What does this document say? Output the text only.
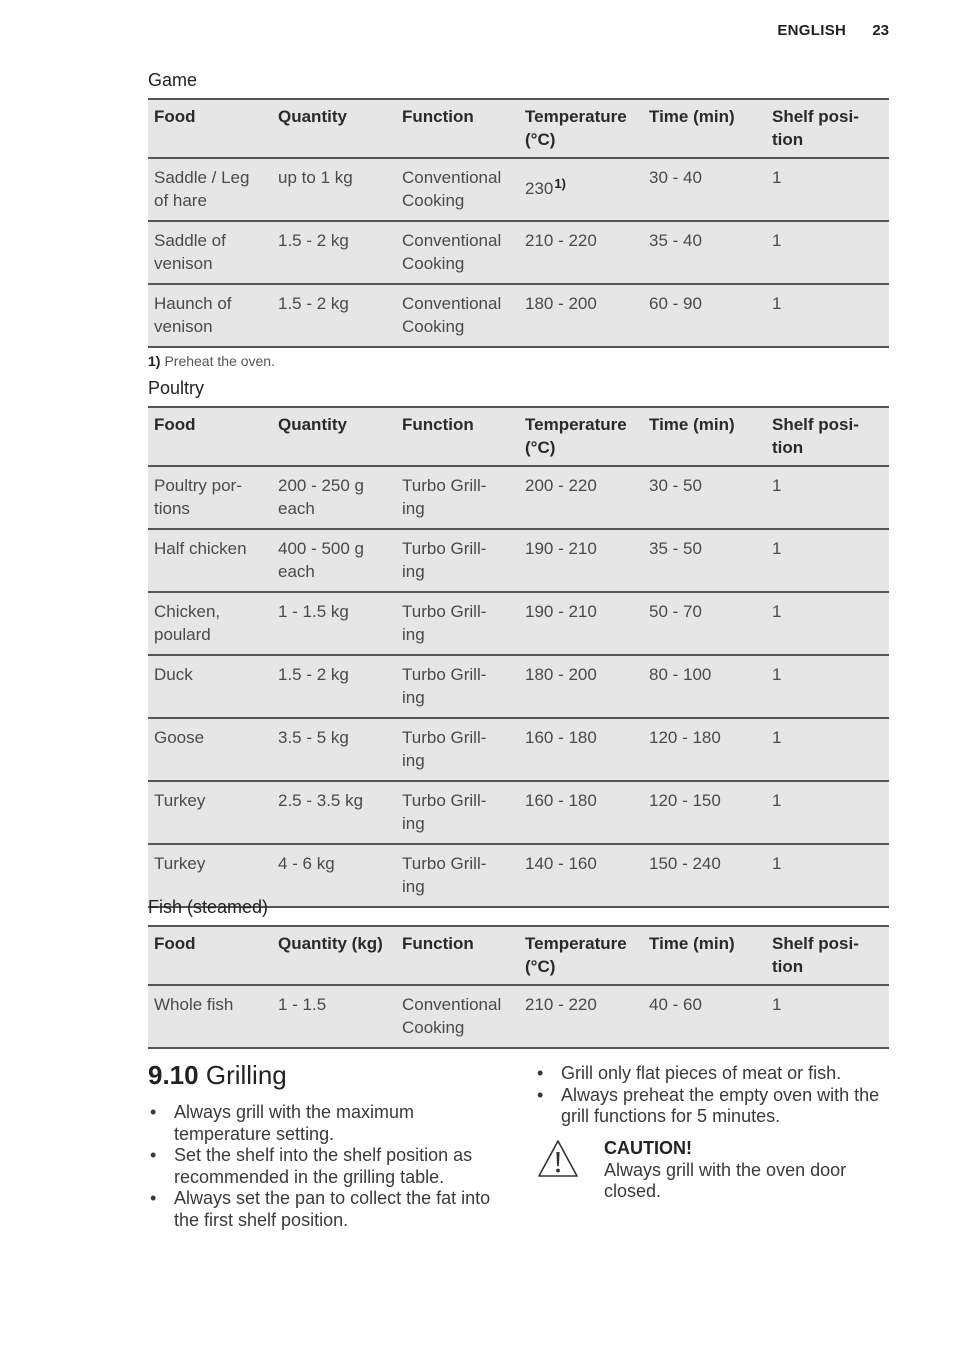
ENGLISH 23
Game
Food	Quantity	Function	Temperature (°C)	Time (min)	Shelf posi- tion
Saddle / Leg of hare	up to 1 kg	Conventional Cooking	230$^{1)}$	30 - 40	1
Saddle of venison	1.5 - 2 kg	Conventional Cooking	210 - 220	35 - 40	1
Haunch of venison	1.5 - 2 kg	Conventional Cooking	180 - 200	60 - 90	1
1) Preheat the oven.
Poultry
Food	Quantity	Function	Temperature (°C)	Time (min)	Shelf posi- tion
Poultry por- tions	200 - 250 g each	Turbo Grill- ing	200 - 220	30 - 50	1
Half chicken	400 - 500 g each	Turbo Grill- ing	190 - 210	35 - 50	1
Chicken, poulard	1 - 1.5 kg	Turbo Grill- ing	190 - 210	50 - 70	1
Duck	1.5 - 2 kg	Turbo Grill- ing	180 - 200	80 - 100	1
Goose	3.5 - 5 kg	Turbo Grill- ing	160 - 180	120 - 180	1
Turkey	2.5 - 3.5 kg	Turbo Grill- ing	160 - 180	120 - 150	1
Turkey	4 - 6 kg	Turbo Grill- ing	140 - 160	150 - 240	1
Fish (steamed)
Food	Quantity (kg)	Function	Temperature (°C)	Time (min)	Shelf posi- tion
Whole fish	1 - 1.5	Conventional Cooking	210 - 220	40 - 60	1
9.10 Grilling
• Always grill with the maximum temperature setting.
• Set the shelf into the shelf position as recommended in the grilling table.
• Always set the pan to collect the fat into the first shelf position.
• Grill only flat pieces of meat or fish.
• Always preheat the empty oven with the grill functions for 5 minutes.
CAUTION!
Always grill with the oven door closed.
